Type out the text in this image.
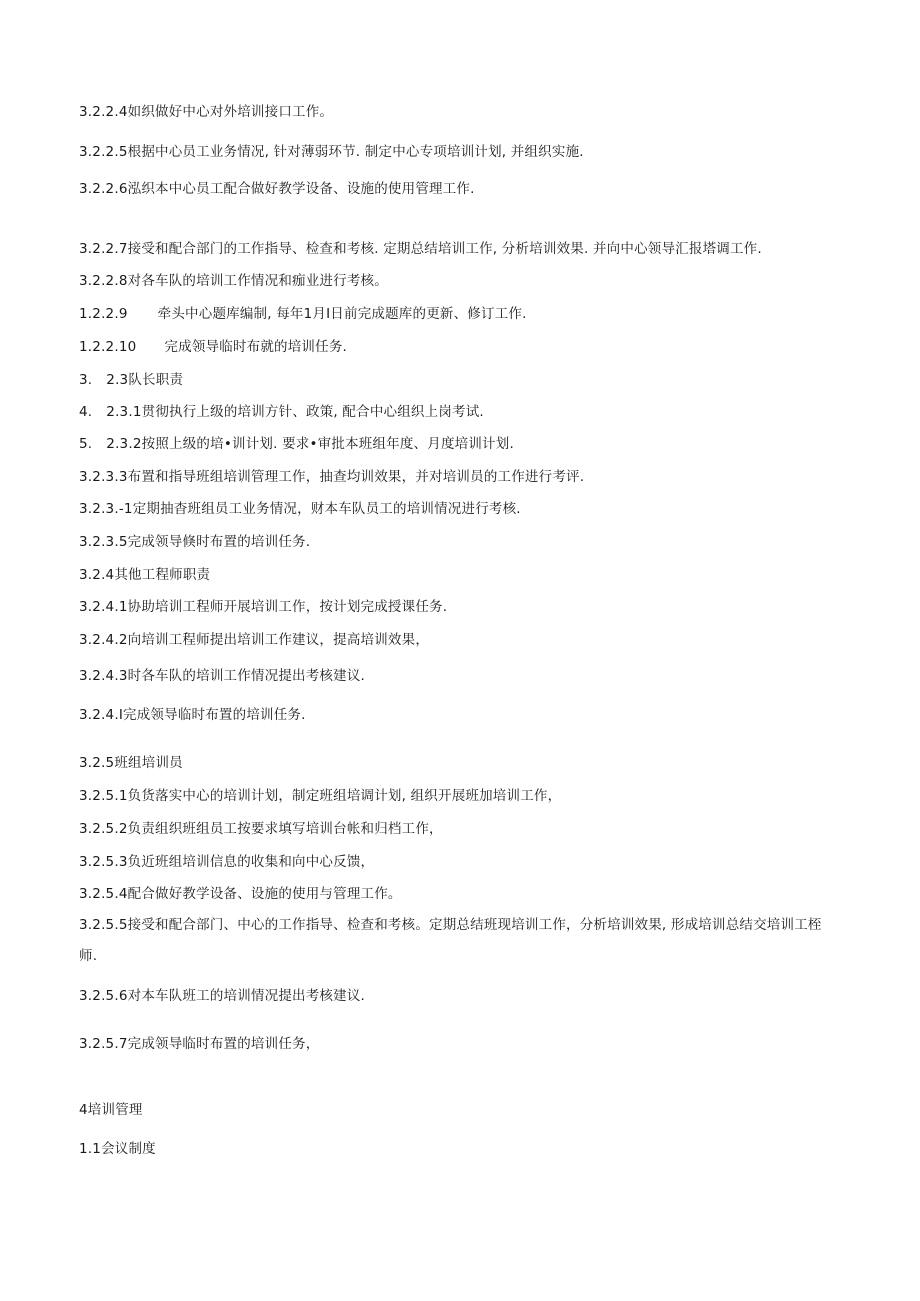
3.2.2.4如织做好中心对外培训接口工作。
3.2.2.5根据中心员工业务情况, 针对薄弱环节. 制定中心专项培训计划, 并组织实施.
3.2.2.6泓织本中心员工配合做好教学设备、设施的使用管理工作.
3.2.2.7接受和配合部门的工作指导、检查和考核. 定期总结培训工作, 分析培训效果. 并向中心领导汇报塔调工作.
3.2.2.8对各车队的培训工作情况和痂业进行考核。
1.2.2.9 牵头中心题库编制, 每年1月I日前完成题库的更新、修订工作.
1.2.2.10 完成领导临时布就的培训任务.
3. 2.3队长职责
4. 2.3.1贯彻执行上级的培训方针、政策, 配合中心组织上岗考试.
5. 2.3.2按照上级的培•训计划. 要求•审批本班组年度、月度培训计划.
3.2.3.3布置和指导班组培训管理工作，抽查均训效果，并对培训员的工作进行考评.
3.2.3.-1定期抽杳班组员工业务情况，财本车队员工的培训情况进行考核.
3.2.3.5完成领导倏时布置的培训任务.
3.2.4其他工程师职责
3.2.4.1协助培训工程师开展培训工作，按计划完成授课任务.
3.2.4.2向培训工程师提出培训工作建议，提高培训效果，
3.2.4.3时各车队的培训工作情况提出考核建议.
3.2.4.I完成领导临时布置的培训任务.
3.2.5班组培训员
3.2.5.1负货落实中心的培训计划，制定班组培调计划, 组织开展班加培训工作，
3.2.5.2负责组织班组员工按要求填写培训台帐和归档工作，
3.2.5.3负近班组培训信息的收集和向中心反馈，
3.2.5.4配合做好教学设备、设施的使用与管理工作。
3.2.5.5接受和配合部门、中心的工作指导、检查和考核。定期总结班现培训工作，分析培训效果, 形成培训总结交培训工桎师.
3.2.5.6对本车队班工的培训情况提出考核建议.
3.2.5.7完成领导临时布置的培训任务，
4培训管理
1.1会议制度
